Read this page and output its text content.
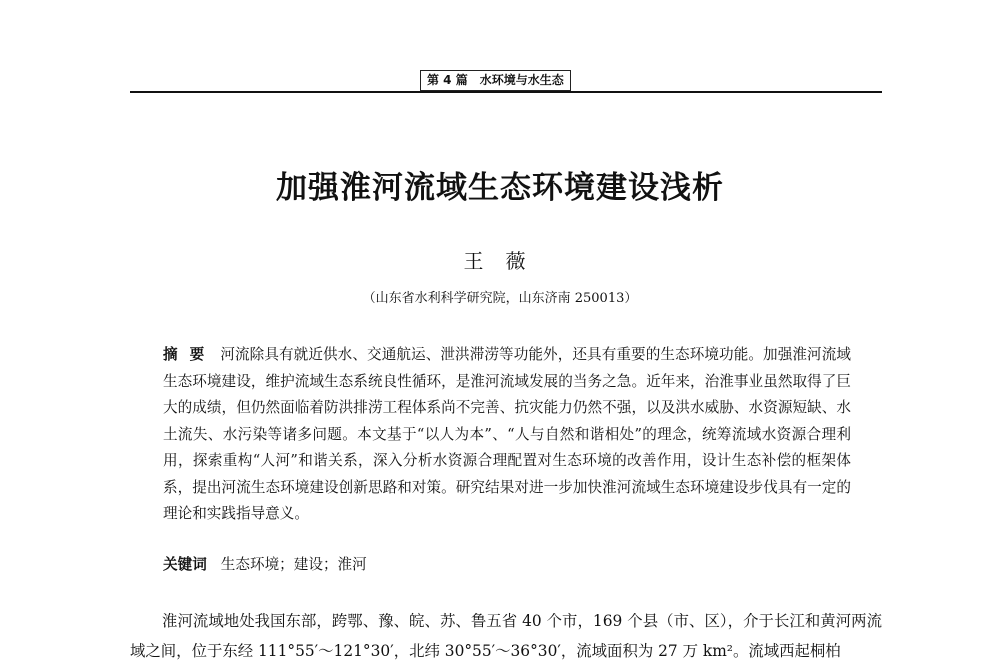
第 4 篇 水环境与水生态
加强淮河流域生态环境建设浅析
王薇
（山东省水利科学研究院，山东济南 250013）

摘要 河流除具有就近供水、交通航运、泄洪滞涝等功能外，还具有重要的生态环境功能。加强淮河流域生态环境建设，维护流域生态系统良性循环，是淮河流域发展的当务之急。近年来，治淮事业虽然取得了巨大的成绩，但仍然面临着防洪排涝工程体系尚不完善、抗灾能力仍然不强，以及洪水威胁、水资源短缺、水土流失、水污染等诸多问题。本文基于“以人为本”、“人与自然和谐相处”的理念，统筹流域水资源合理利用，探索重构“人河”和谐关系，深入分析水资源合理配置对生态环境的改善作用，设计生态补偿的框架体系，提出河流生态环境建设创新思路和对策。研究结果对进一步加快淮河流域生态环境建设步伐具有一定的理论和实践指导意义。

关键词 生态环境；建设；淮河

淮河流域地处我国东部，跨鄂、豫、皖、苏、鲁五省 40 个市，169 个县（市、区），介于长江和黄河两流域之间，位于东经 111°55′～121°30′，北纬 30°55′～36°30′，流域面积为 27 万 km²。流域西起桐柏
